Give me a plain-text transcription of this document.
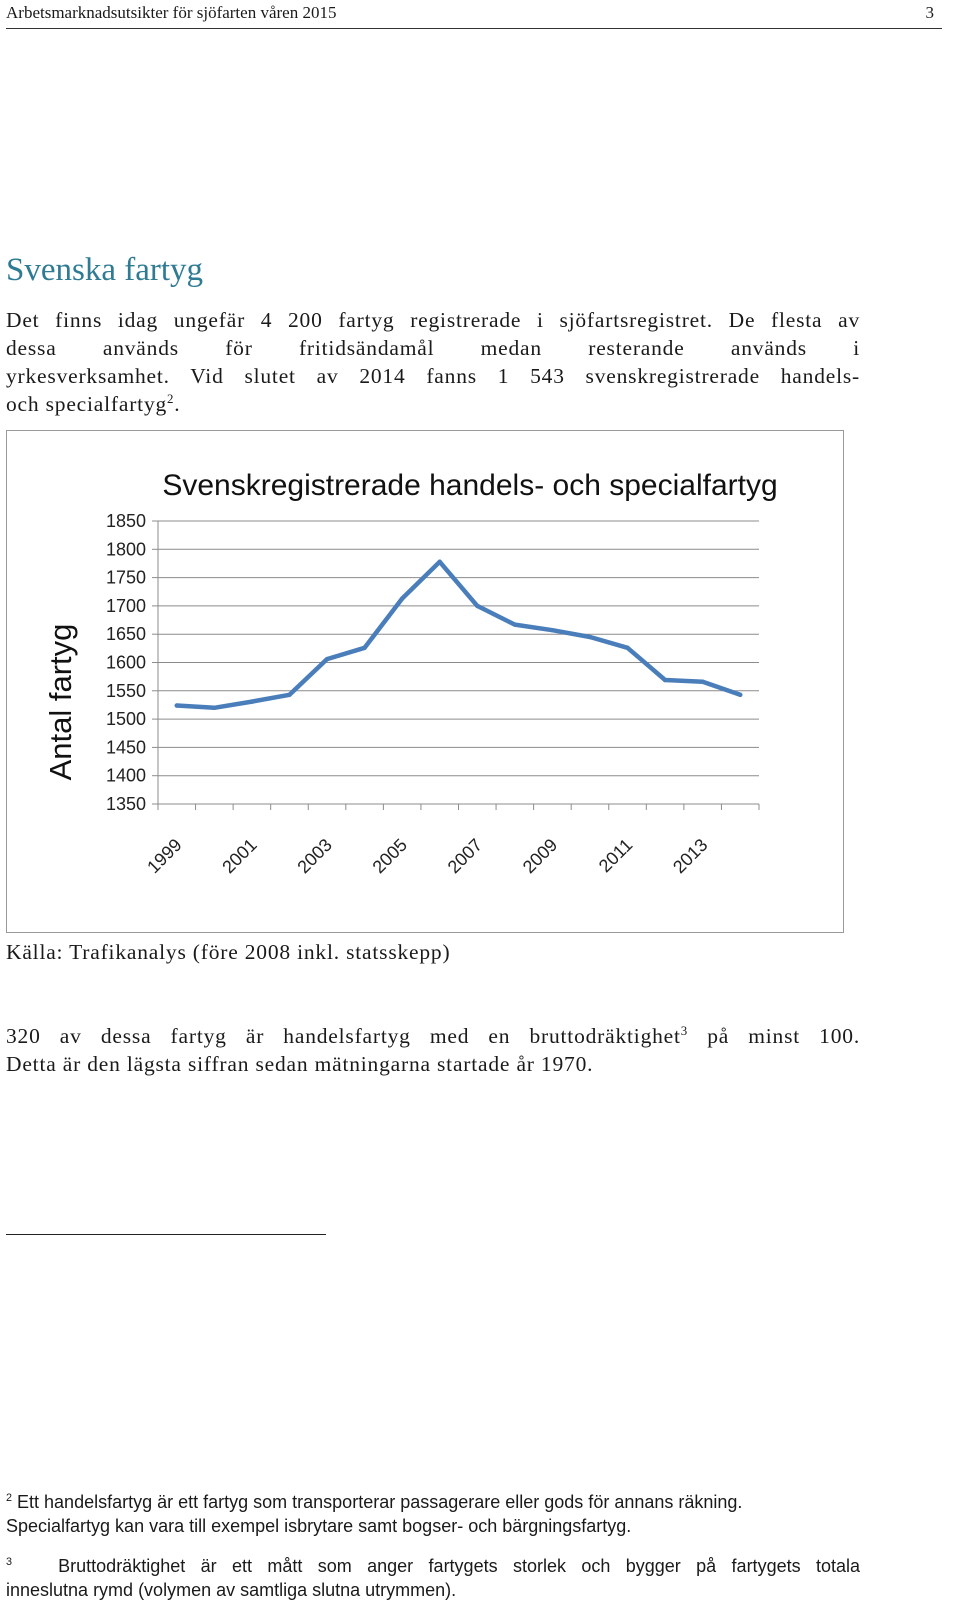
Arbetsmarknadsutsikter för sjöfarten våren 2015	3
Svenska fartyg
Det finns idag ungefär 4 200 fartyg registrerade i sjöfartsregistret. De flesta av
dessa används för fritidsändamål medan resterande används i
yrkesverksamhet. Vid slutet av 2014 fanns 1 543 svenskregistrerade handels-
och specialfartyg$^2$.
Svenskregistrerade handels- och specialfartyg
Antal fartyg
1850
1800
1750
1700
1650
1600
1550
1500
1450
1400
1350
1999 2001 2003 2005 2007 2009 2011 2013
Källa: Trafikanalys (före 2008 inkl. statsskepp)
320 av dessa fartyg är handelsfartyg med en bruttodräktighet$^3$ på minst 100.
Detta är den lägsta siffran sedan mätningarna startade år 1970.
$^2$ Ett handelsfartyg är ett fartyg som transporterar passagerare eller gods för annans räkning.
Specialfartyg kan vara till exempel isbrytare samt bogser- och bärgningsfartyg.
$^3$	Bruttodräktighet är ett mått som anger fartygets storlek och bygger på fartygets totala
inneslutna rymd (volymen av samtliga slutna utrymmen).
